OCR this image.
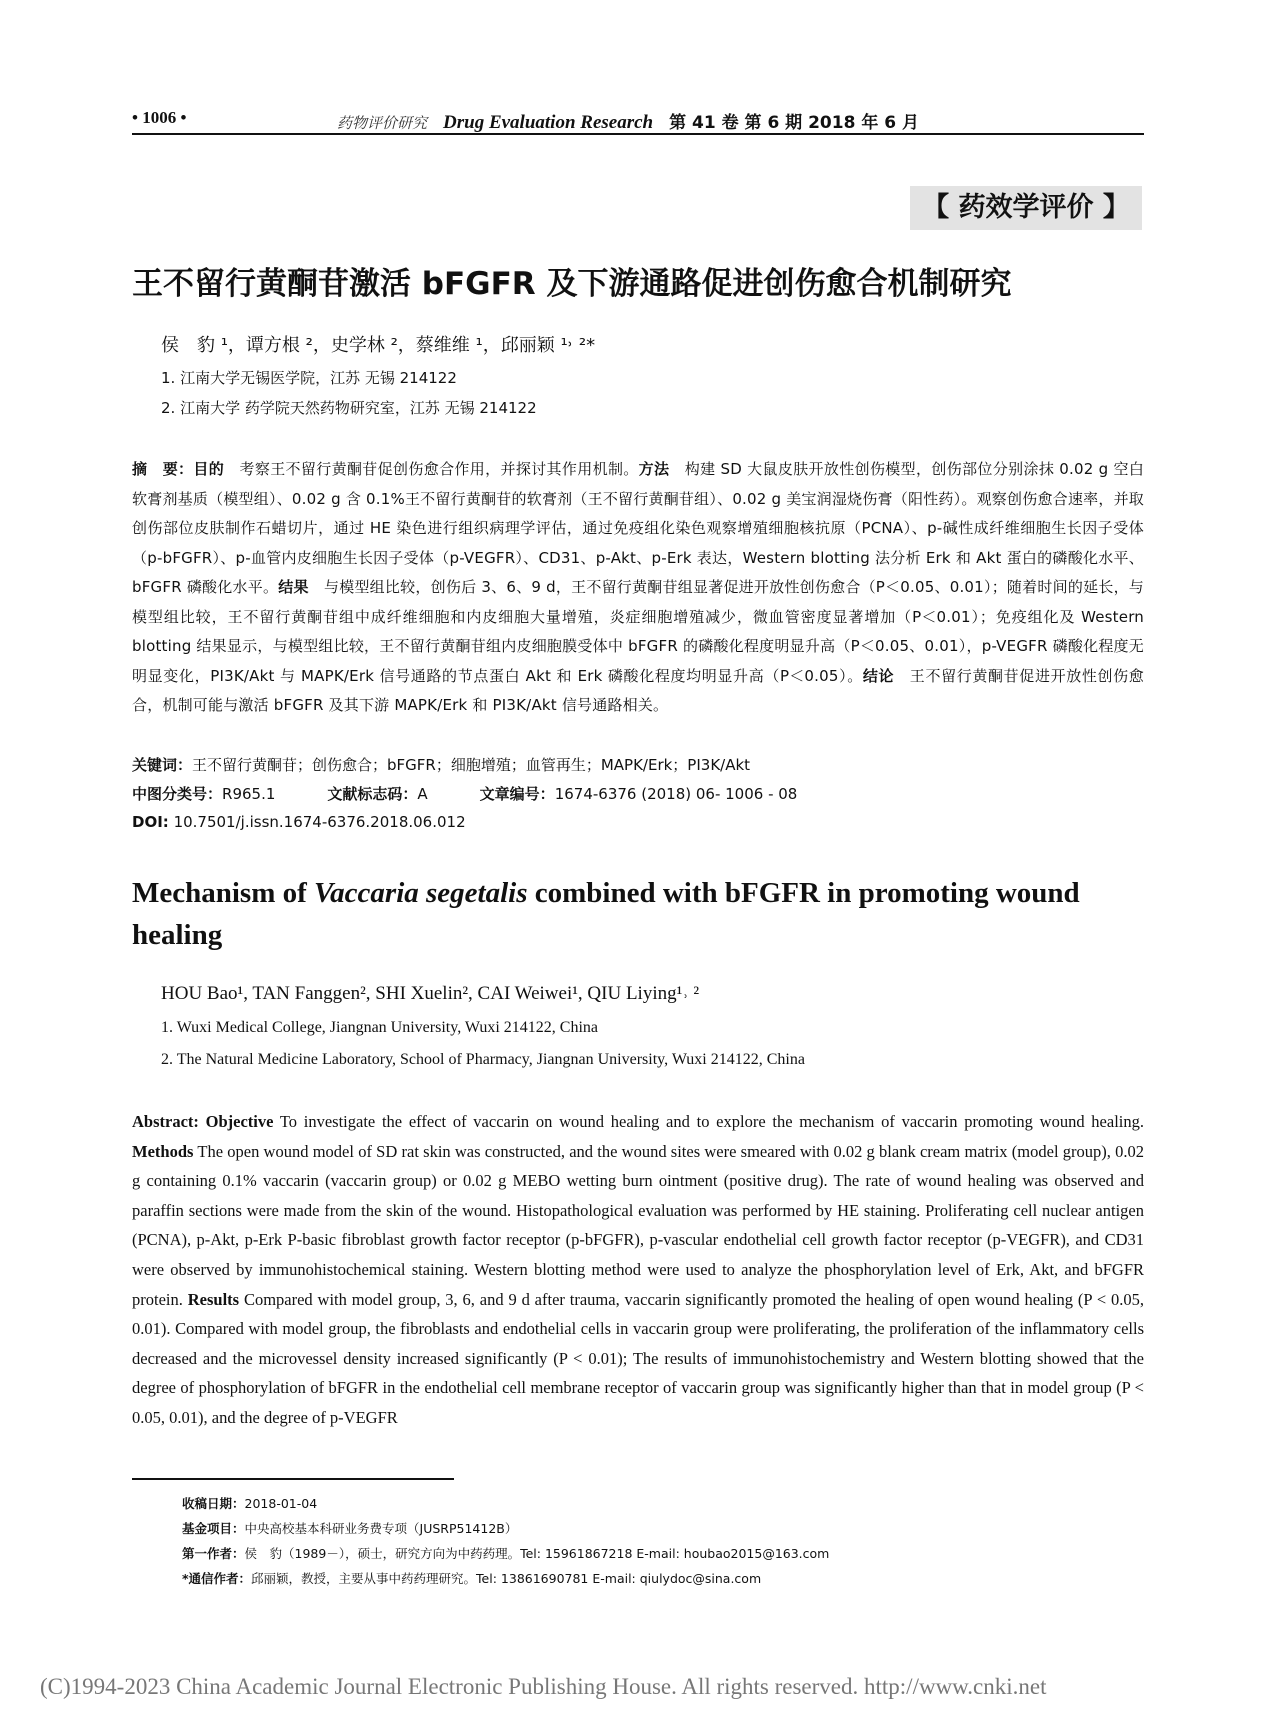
• 1006 •	药物评价研究 Drug Evaluation Research 第 41 卷 第 6 期 2018 年 6 月
【 药效学评价 】
王不留行黄酮苷激活 bFGFR 及下游通路促进创伤愈合机制研究
侯　豹 ¹，谭方根 ²，史学林 ²，蔡维维 ¹，邱丽颖 ¹˒ ²*
1. 江南大学无锡医学院，江苏 无锡 214122
2. 江南大学 药学院天然药物研究室，江苏 无锡 214122
摘　要：目的　考察王不留行黄酮苷促创伤愈合作用，并探讨其作用机制。方法　构建 SD 大鼠皮肤开放性创伤模型，创伤部位分别涂抹 0.02 g 空白软膏剂基质（模型组）、0.02 g 含 0.1%王不留行黄酮苷的软膏剂（王不留行黄酮苷组）、0.02 g 美宝润湿烧伤膏（阳性药）。观察创伤愈合速率，并取创伤部位皮肤制作石蜡切片，通过 HE 染色进行组织病理学评估，通过免疫组化染色观察增殖细胞核抗原（PCNA）、p-碱性成纤维细胞生长因子受体（p-bFGFR）、p-血管内皮细胞生长因子受体（p-VEGFR）、CD31、p-Akt、p-Erk 表达，Western blotting 法分析 Erk 和 Akt 蛋白的磷酸化水平、bFGFR 磷酸化水平。结果　与模型组比较，创伤后 3、6、9 d，王不留行黄酮苷组显著促进开放性创伤愈合（P＜0.05、0.01）；随着时间的延长，与模型组比较，王不留行黄酮苷组中成纤维细胞和内皮细胞大量增殖，炎症细胞增殖减少，微血管密度显著增加（P＜0.01）；免疫组化及 Western blotting 结果显示，与模型组比较，王不留行黄酮苷组内皮细胞膜受体中 bFGFR 的磷酸化程度明显升高（P＜0.05、0.01），p-VEGFR 磷酸化程度无明显变化，PI3K/Akt 与 MAPK/Erk 信号通路的节点蛋白 Akt 和 Erk 磷酸化程度均明显升高（P＜0.05）。结论　王不留行黄酮苷促进开放性创伤愈合，机制可能与激活 bFGFR 及其下游 MAPK/Erk 和 PI3K/Akt 信号通路相关。
关键词：王不留行黄酮苷；创伤愈合；bFGFR；细胞增殖；血管再生；MAPK/Erk；PI3K/Akt
中图分类号：R965.1	文献标志码：A	文章编号：1674-6376 (2018) 06- 1006 - 08
DOI: 10.7501/j.issn.1674-6376.2018.06.012
Mechanism of Vaccaria segetalis combined with bFGFR in promoting wound healing
HOU Bao¹, TAN Fanggen², SHI Xuelin², CAI Weiwei¹, QIU Liying¹˒ ²
1. Wuxi Medical College, Jiangnan University, Wuxi 214122, China
2. The Natural Medicine Laboratory, School of Pharmacy, Jiangnan University, Wuxi 214122, China
Abstract: Objective To investigate the effect of vaccarin on wound healing and to explore the mechanism of vaccarin promoting wound healing. Methods The open wound model of SD rat skin was constructed, and the wound sites were smeared with 0.02 g blank cream matrix (model group), 0.02 g containing 0.1% vaccarin (vaccarin group) or 0.02 g MEBO wetting burn ointment (positive drug). The rate of wound healing was observed and paraffin sections were made from the skin of the wound. Histopathological evaluation was performed by HE staining. Proliferating cell nuclear antigen (PCNA), p-Akt, p-Erk P-basic fibroblast growth factor receptor (p-bFGFR), p-vascular endothelial cell growth factor receptor (p-VEGFR), and CD31 were observed by immunohistochemical staining. Western blotting method were used to analyze the phosphorylation level of Erk, Akt, and bFGFR protein. Results Compared with model group, 3, 6, and 9 d after trauma, vaccarin significantly promoted the healing of open wound healing (P < 0.05, 0.01). Compared with model group, the fibroblasts and endothelial cells in vaccarin group were proliferating, the proliferation of the inflammatory cells decreased and the microvessel density increased significantly (P < 0.01); The results of immunohistochemistry and Western blotting showed that the degree of phosphorylation of bFGFR in the endothelial cell membrane receptor of vaccarin group was significantly higher than that in model group (P < 0.05, 0.01), and the degree of p-VEGFR
收稿日期：2018-01-04
基金项目：中央高校基本科研业务费专项（JUSRP51412B）
第一作者：侯　豹（1989－），硕士，研究方向为中药药理。Tel: 15961867218 E-mail: houbao2015@163.com
*通信作者：邱丽颖，教授，主要从事中药药理研究。Tel: 13861690781 E-mail: qiulydoc@sina.com
(C)1994-2023 China Academic Journal Electronic Publishing House. All rights reserved. http://www.cnki.net
